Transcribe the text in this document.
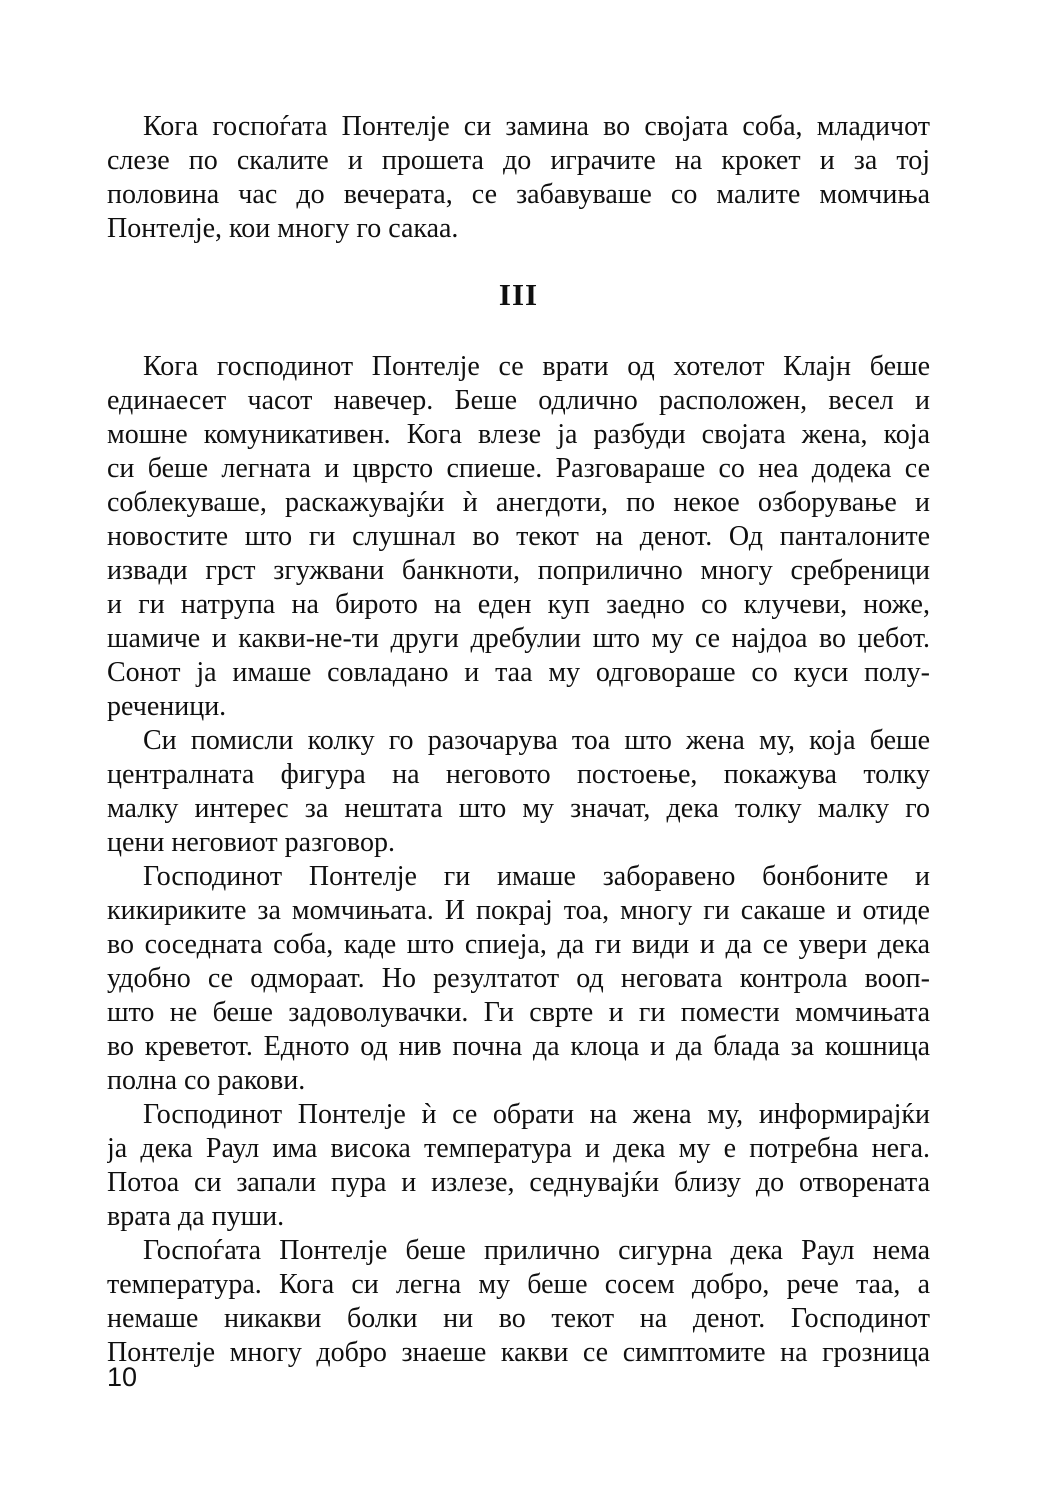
Кога госпоѓата Понтелје си замина во својата соба, младичот
слезе по скалите и прошета до играчите на крокет и за тој
половина час до вечерата, се забавуваше со малите момчиња
Понтелје, кои многу го сакаа.
III
Кога господинот Понтелје се врати од хотелот Клајн беше
единаесет часот навечер. Беше одлично расположен, весел и
мошне комуникативен. Кога влезе ја разбуди својата жена, која
си беше легната и цврсто спиеше. Разговараше со неа додека се
соблекуваше, раскажувајќи ѝ анегдоти, по некое озборување и
новостите што ги слушнал во текот на денот. Од панталоните
извади грст згужвани банкноти, поприлично многу сребреници
и ги натрупа на бирото на еден куп заедно со клучеви, ноже,
шамиче и какви-не-ти други дребулии што му се најдоа во џебот.
Сонот ја имаше совладано и таа му одговораше со куси полу-
реченици.
Си помисли колку го разочарува тоа што жена му, која беше
централната фигура на неговото постоење, покажува толку
малку интерес за нештата што му значат, дека толку малку го
цени неговиот разговор.
Господинот Понтелје ги имаше заборавено бонбоните и
кикириките за момчињата. И покрај тоа, многу ги сакаше и отиде
во соседната соба, каде што спиеја, да ги види и да се увери дека
удобно се одмораат. Но резултатот од неговата контрола вооп-
што не беше задоволувачки. Ги сврте и ги помести момчињата
во креветот. Едното од нив почна да клоца и да блада за кошница
полна со ракови.
Господинот Понтелје ѝ се обрати на жена му, информирајќи
ја дека Раул има висока температура и дека му е потребна нега.
Потоа си запали пура и излезе, седнувајќи близу до отворената
врата да пуши.
Госпоѓата Понтелје беше прилично сигурна дека Раул нема
температура. Кога си легна му беше сосем добро, рече таа, а
немаше никакви болки ни во текот на денот. Господинот
Понтелје многу добро знаеше какви се симптомите на грозница
10
